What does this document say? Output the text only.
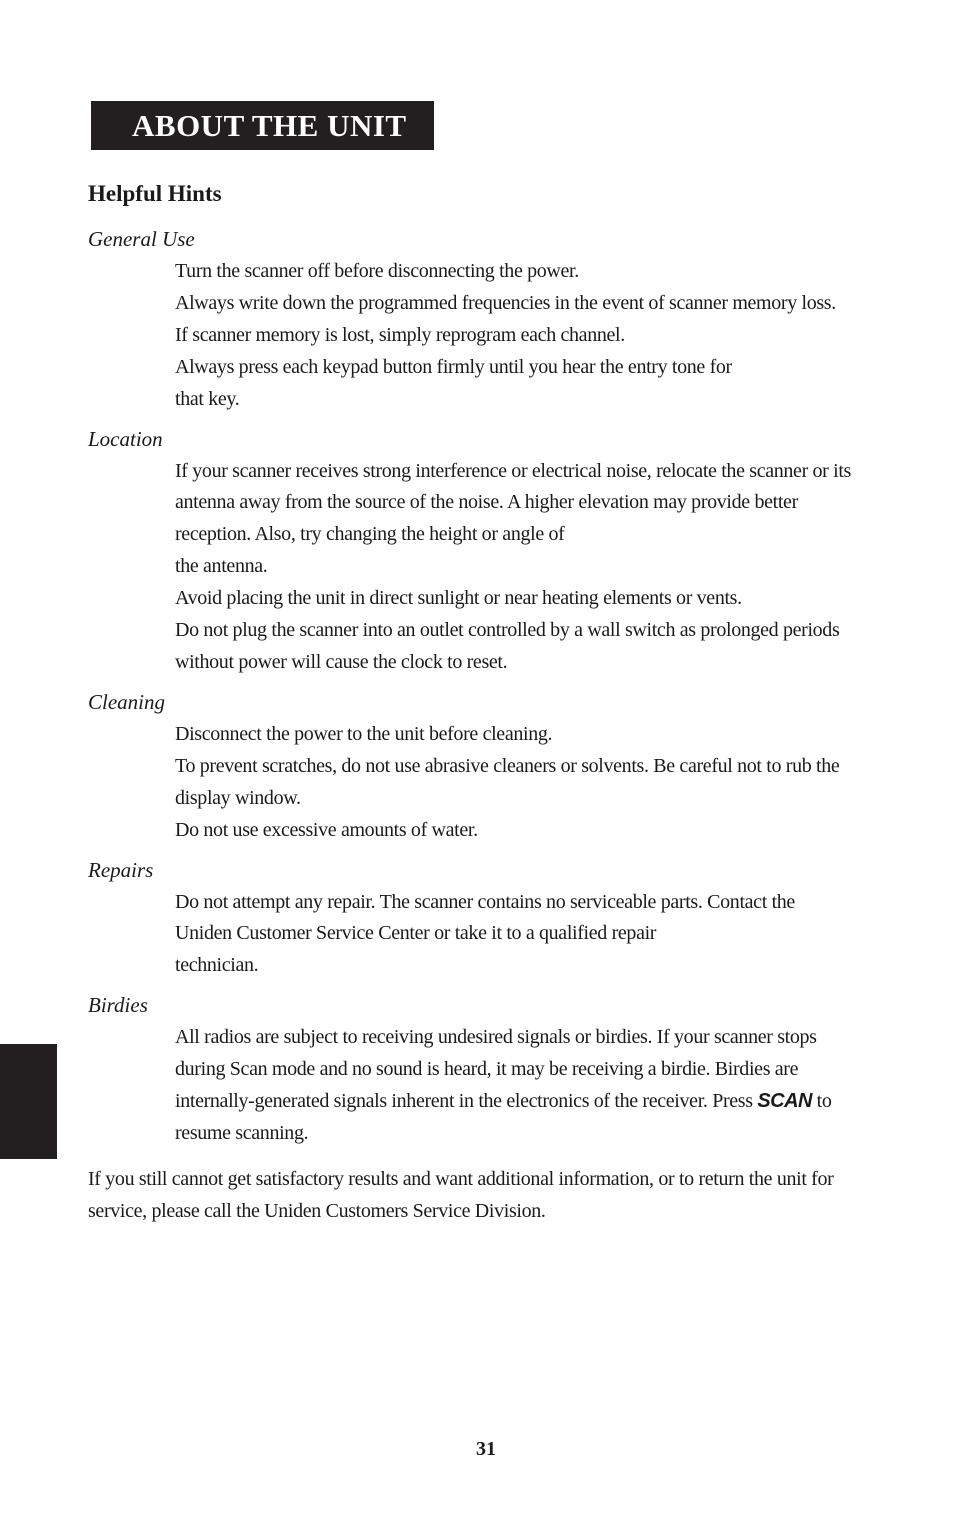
ABOUT THE UNIT
Helpful Hints
General Use

Turn the scanner off before disconnecting the power.

Always write down the programmed frequencies in the event of scanner memory loss.

If scanner memory is lost, simply reprogram each channel.

Always press each keypad button firmly until you hear the entry tone for

that key.

Location

If your scanner receives strong interference or electrical noise, relocate the scanner or its

antenna away from the source of the noise. A higher elevation may provide better

reception. Also, try changing the height or angle of

the antenna.

Avoid placing the unit in direct sunlight or near heating elements or vents.

Do not plug the scanner into an outlet controlled by a wall switch as prolonged periods

without power will cause the clock to reset.

Cleaning

Disconnect the power to the unit before cleaning.

To prevent scratches, do not use abrasive cleaners or solvents. Be careful not to rub the

display window.

Do not use excessive amounts of water.

Repairs

Do not attempt any repair. The scanner contains no serviceable parts. Contact the

Uniden Customer Service Center or take it to a qualified repair

technician.

Birdies

All radios are subject to receiving undesired signals or birdies. If your scanner stops

during Scan mode and no sound is heard, it may be receiving a birdie. Birdies are

internally-generated signals inherent in the electronics of the receiver. Press SCAN to

resume scanning.

If you still cannot get satisfactory results and want additional information, or to return the unit for service, please call the Uniden Customers Service Division.

31
